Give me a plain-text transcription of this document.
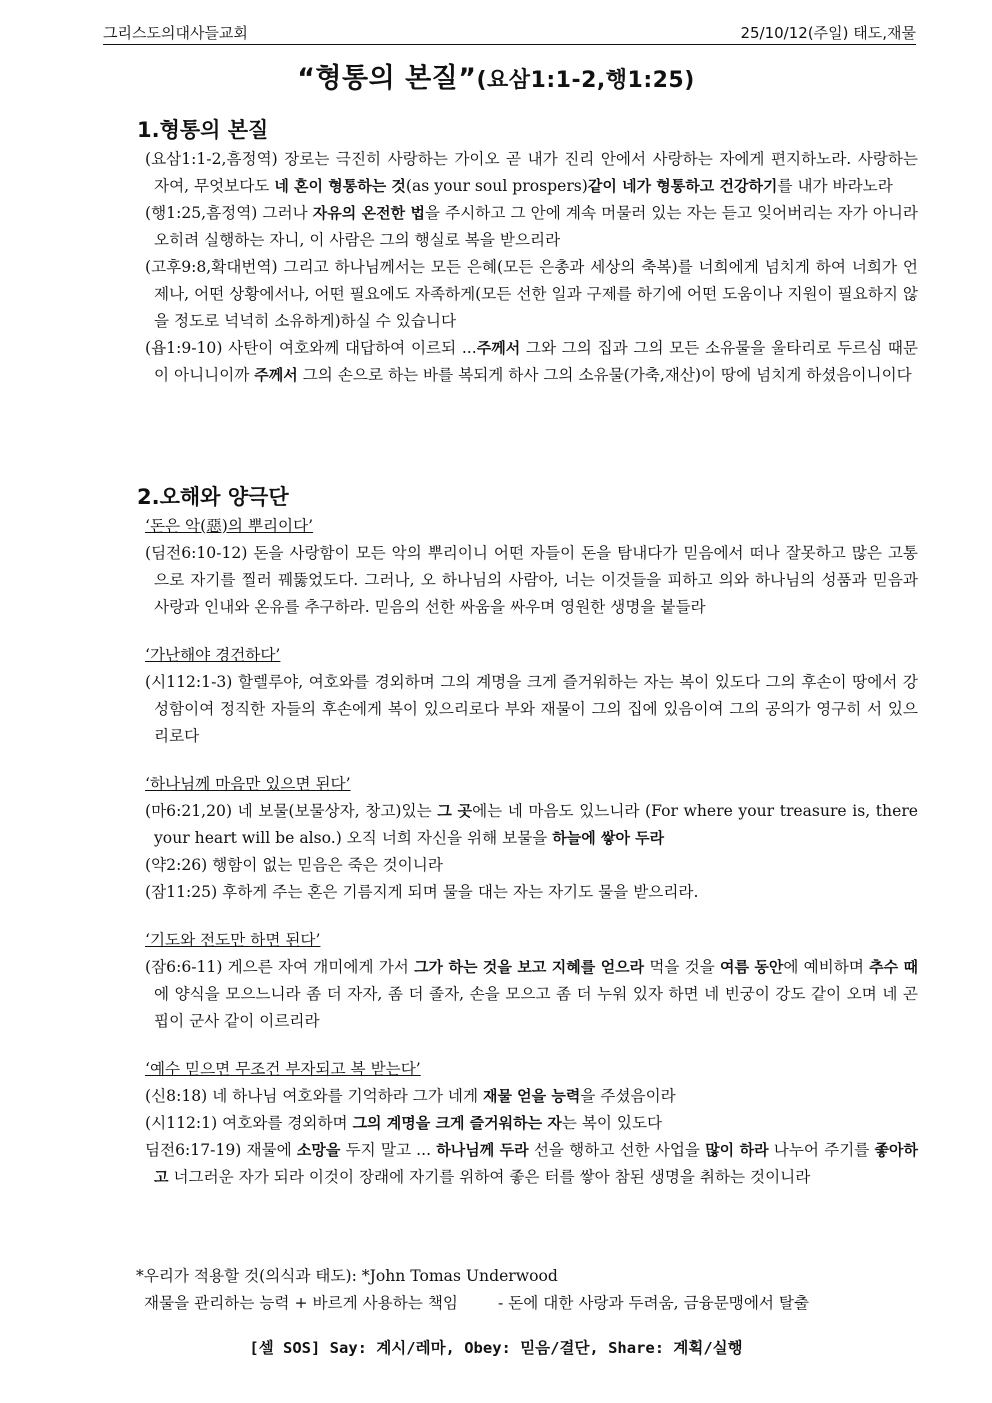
그리스도의대사들교회	25/10/12(주일) 태도,재물
“형통의 본질”(요삼1:1-2,행1:25)
1.형통의 본질

(요삼1:1-2,흠정역) 장로는 극진히 사랑하는 가이오 곧 내가 진리 안에서 사랑하는 자에게 편지하노라. 사랑하는 자여, 무엇보다도 네 혼이 형통하는 것(as your soul prospers)같이 네가 형통하고 건강하기를 내가 바라노라

(행1:25,흠정역) 그러나 자유의 온전한 법을 주시하고 그 안에 계속 머물러 있는 자는 듣고 잊어버리는 자가 아니라 오히려 실행하는 자니, 이 사람은 그의 행실로 복을 받으리라

(고후9:8,확대번역) 그리고 하나님께서는 모든 은혜(모든 은총과 세상의 축복)를 너희에게 넘치게 하여 너희가 언제나, 어떤 상황에서나, 어떤 필요에도 자족하게(모든 선한 일과 구제를 하기에 어떤 도움이나 지원이 필요하지 않을 정도로 넉넉히 소유하게)하실 수 있습니다

(욥1:9-10) 사탄이 여호와께 대답하여 이르되 ...주께서 그와 그의 집과 그의 모든 소유물을 울타리로 두르심 때문이 아니니이까 주께서 그의 손으로 하는 바를 복되게 하사 그의 소유물(가축,재산)이 땅에 넘치게 하셨음이니이다

2.오해와 양극단

‘돈은 악(惡)의 뿌리이다’

(딤전6:10-12) 돈을 사랑함이 모든 악의 뿌리이니 어떤 자들이 돈을 탐내다가 믿음에서 떠나 잘못하고 많은 고통으로 자기를 찔러 꿰뚫었도다. 그러나, 오 하나님의 사람아, 너는 이것들을 피하고 의와 하나님의 성품과 믿음과 사랑과 인내와 온유를 추구하라. 믿음의 선한 싸움을 싸우며 영원한 생명을 붙들라

‘가난해야 경건하다’

(시112:1-3) 할렐루야, 여호와를 경외하며 그의 계명을 크게 즐거워하는 자는 복이 있도다 그의 후손이 땅에서 강성함이여 정직한 자들의 후손에게 복이 있으리로다 부와 재물이 그의 집에 있음이여 그의 공의가 영구히 서 있으리로다

‘하나님께 마음만 있으면 된다’

(마6:21,20) 네 보물(보물상자, 창고)있는 그 곳에는 네 마음도 있느니라 (For where your treasure is, there your heart will be also.) 오직 너희 자신을 위해 보물을 하늘에 쌓아 두라

(약2:26) 행함이 없는 믿음은 죽은 것이니라

(잠11:25) 후하게 주는 혼은 기름지게 되며 물을 대는 자는 자기도 물을 받으리라.

‘기도와 전도만 하면 된다’

(잠6:6-11) 게으른 자여 개미에게 가서 그가 하는 것을 보고 지혜를 얻으라 먹을 것을 여름 동안에 예비하며 추수 때에 양식을 모으느니라 좀 더 자자, 좀 더 졸자, 손을 모으고 좀 더 누워 있자 하면 네 빈궁이 강도 같이 오며 네 곤핍이 군사 같이 이르리라

‘예수 믿으면 무조건 부자되고 복 받는다’

(신8:18) 네 하나님 여호와를 기억하라 그가 네게 재물 얻을 능력을 주셨음이라

(시112:1) 여호와를 경외하며 그의 계명을 크게 즐거워하는 자는 복이 있도다

딤전6:17-19) 재물에 소망을 두지 말고 ... 하나님께 두라 선을 행하고 선한 사업을 많이 하라 나누어 주기를 좋아하고 너그러운 자가 되라 이것이 장래에 자기를 위하여 좋은 터를 쌓아 참된 생명을 취하는 것이니라

*우리가 적용할 것(의식과 태도): *John Tomas Underwood
재물을 관리하는 능력 + 바르게 사용하는 책임	- 돈에 대한 사랑과 두려움, 금융문맹에서 탈출
[셀 SOS] Say: 계시/레마, Obey: 믿음/결단, Share: 계획/실행
